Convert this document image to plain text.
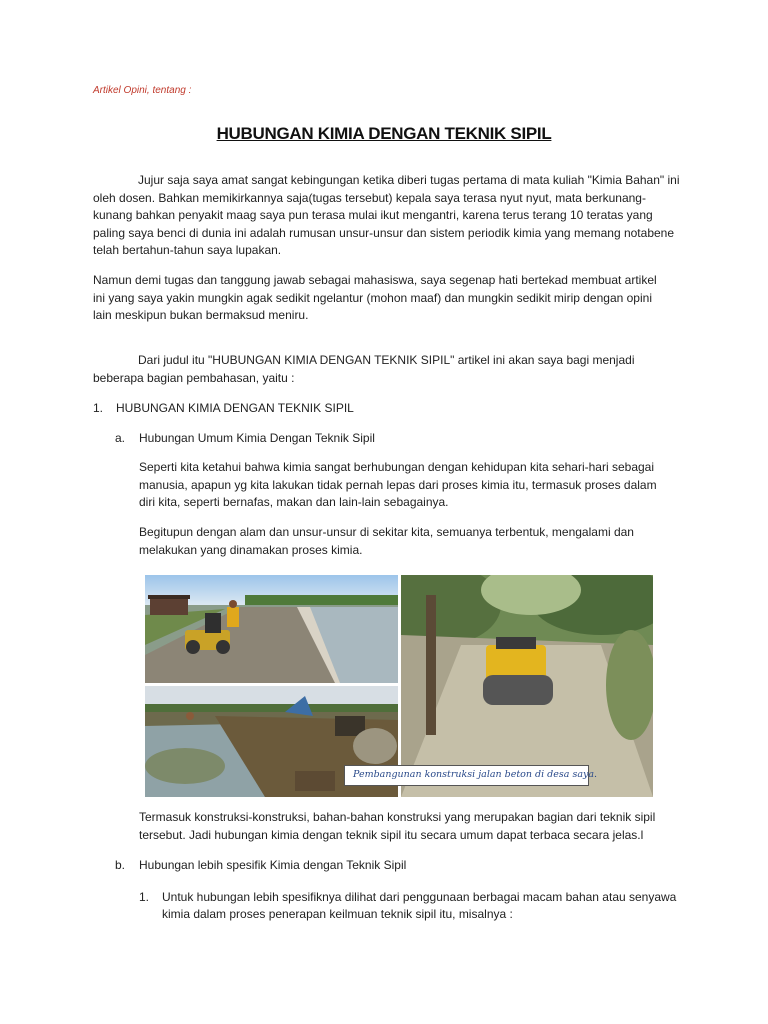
Artikel Opini, tentang :
HUBUNGAN KIMIA DENGAN TEKNIK SIPIL
Jujur saja saya amat sangat kebingungan ketika diberi tugas pertama di mata kuliah "Kimia Bahan" ini oleh dosen. Bahkan memikirkannya saja(tugas tersebut) kepala saya terasa nyut nyut, mata berkunang-kunang bahkan penyakit maag saya pun terasa mulai ikut mengantri, karena terus terang 10 teratas yang paling saya benci di dunia ini adalah rumusan unsur-unsur dan sistem periodik kimia yang memang notabene telah bertahun-tahun saya lupakan.
Namun demi tugas dan tanggung jawab sebagai mahasiswa, saya segenap hati bertekad membuat artikel ini yang saya yakin mungkin agak sedikit ngelantur (mohon maaf) dan mungkin sedikit mirip dengan opini lain meskipun bukan bermaksud meniru.
Dari judul itu "HUBUNGAN KIMIA DENGAN TEKNIK SIPIL" artikel ini akan saya bagi menjadi beberapa bagian pembahasan, yaitu :
1. HUBUNGAN KIMIA DENGAN TEKNIK SIPIL
a. Hubungan Umum Kimia Dengan Teknik Sipil
Seperti kita ketahui bahwa kimia sangat berhubungan dengan kehidupan kita sehari-hari sebagai manusia, apapun yg kita lakukan tidak pernah lepas dari proses kimia itu, termasuk proses dalam diri kita, seperti bernafas, makan dan lain-lain sebagainya.
Begitupun dengan alam dan unsur-unsur di sekitar kita, semuanya terbentuk, mengalami dan melakukan yang dinamakan proses kimia.
Pembangunan konstruksi jalan beton di desa saya.
Termasuk konstruksi-konstruksi, bahan-bahan konstruksi yang merupakan bagian dari teknik sipil tersebut. Jadi hubungan kimia dengan teknik sipil itu secara umum dapat terbaca secara jelas.l
b. Hubungan lebih spesifik Kimia dengan Teknik Sipil
1. Untuk hubungan lebih spesifiknya dilihat dari penggunaan berbagai macam bahan atau senyawa kimia dalam proses penerapan keilmuan teknik sipil itu, misalnya :
